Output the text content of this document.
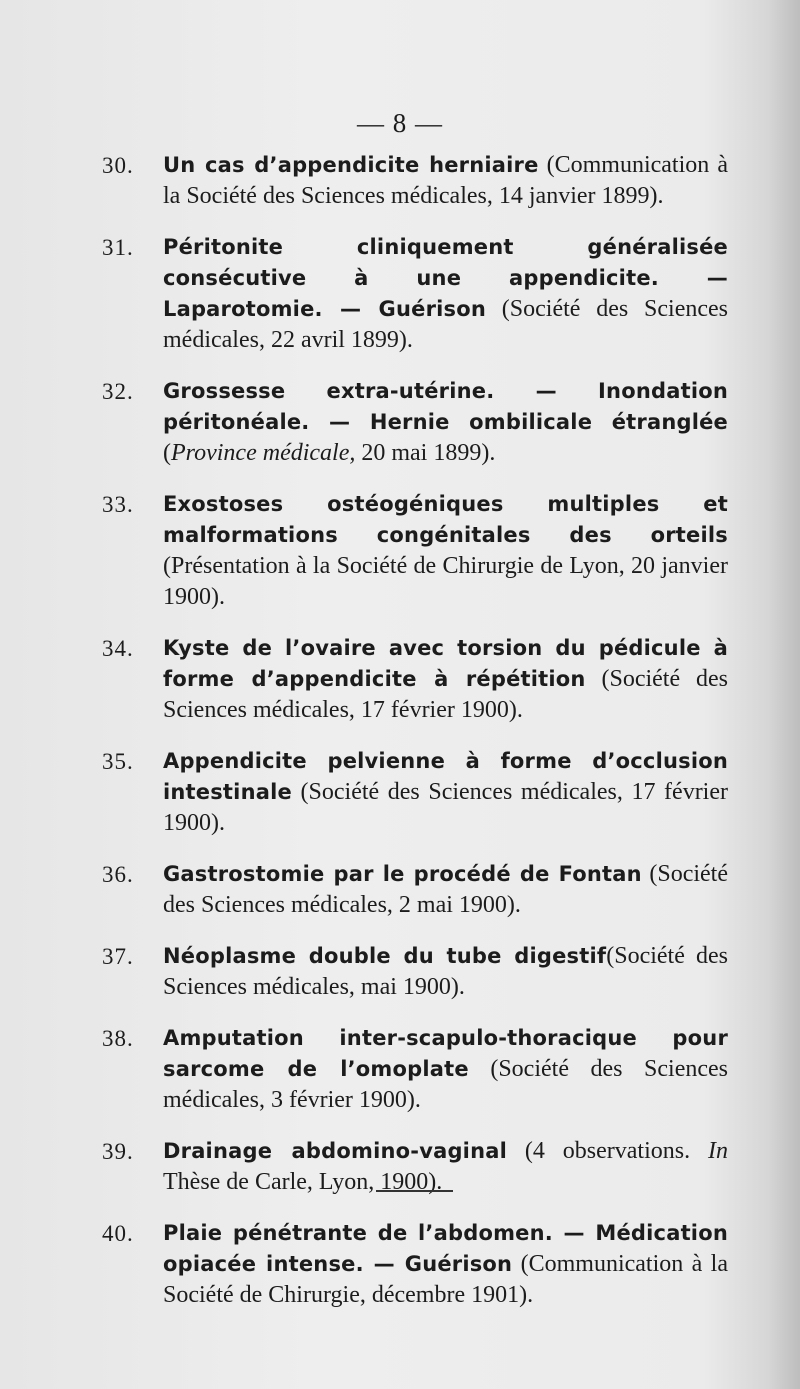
— 8 —
30. Un cas d’appendicite herniaire (Communication à la Société des Sciences médicales, 14 janvier 1899).
31. Péritonite cliniquement généralisée consécutive à une appendicite. — Laparotomie. — Guérison (Société des Sciences médicales, 22 avril 1899).
32. Grossesse extra-utérine. — Inondation péritonéale. — Hernie ombilicale étranglée (Province médicale, 20 mai 1899).
33. Exostoses ostéogéniques multiples et malformations congénitales des orteils (Présentation à la Société de Chirurgie de Lyon, 20 janvier 1900).
34. Kyste de l’ovaire avec torsion du pédicule à forme d’appendicite à répétition (Société des Sciences médicales, 17 février 1900).
35. Appendicite pelvienne à forme d’occlusion intestinale (Société des Sciences médicales, 17 février 1900).
36. Gastrostomie par le procédé de Fontan (Société des Sciences médicales, 2 mai 1900).
37. Néoplasme double du tube digestif(Société des Sciences médicales, mai 1900).
38. Amputation inter-scapulo-thoracique pour sarcome de l’omoplate (Société des Sciences médicales, 3 février 1900).
39. Drainage abdomino-vaginal (4 observations. In Thèse de Carle, Lyon, 1900).
40. Plaie pénétrante de l’abdomen. — Médication opiacée intense. — Guérison (Communication à la Société de Chirurgie, décembre 1901).
